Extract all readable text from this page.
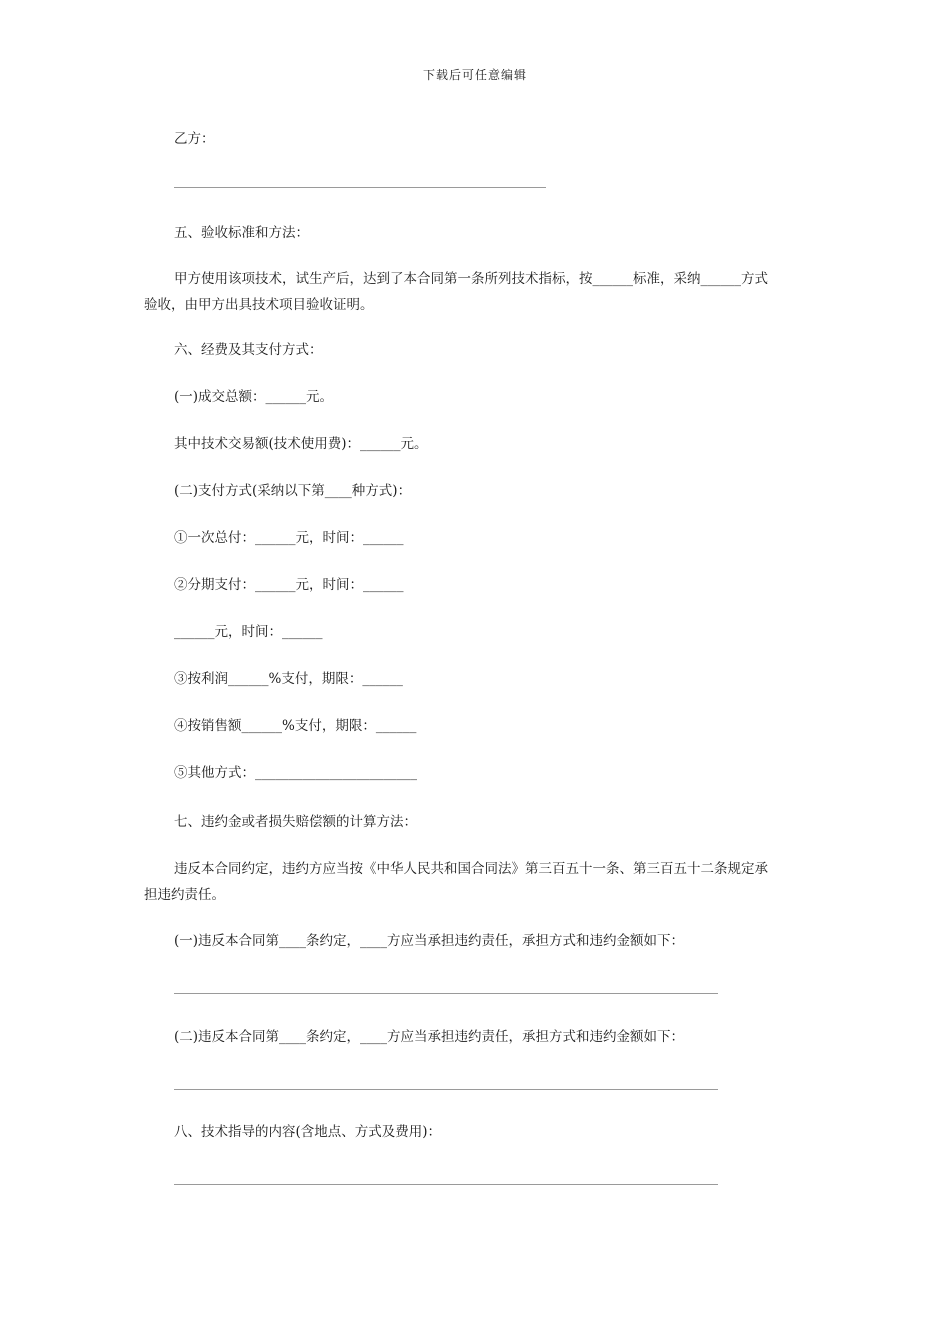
下载后可任意编辑
乙方：
五、验收标准和方法：
甲方使用该项技术，试生产后，达到了本合同第一条所列技术指标，按______标准，采纳______方式
验收，由甲方出具技术项目验收证明。
六、经费及其支付方式：
(一)成交总额：______元。
其中技术交易额(技术使用费)：______元。
(二)支付方式(采纳以下第____种方式)：
①一次总付：______元，时间：______
②分期支付：______元，时间：______
______元，时间：______
③按利润______%支付，期限：______
④按销售额______%支付，期限：______
⑤其他方式：________________________
七、违约金或者损失赔偿额的计算方法：
违反本合同约定，违约方应当按《中华人民共和国合同法》第三百五十一条、第三百五十二条规定承
担违约责任。
(一)违反本合同第____条约定，____方应当承担违约责任，承担方式和违约金额如下：
(二)违反本合同第____条约定，____方应当承担违约责任，承担方式和违约金额如下：
八、技术指导的内容(含地点、方式及费用)：
